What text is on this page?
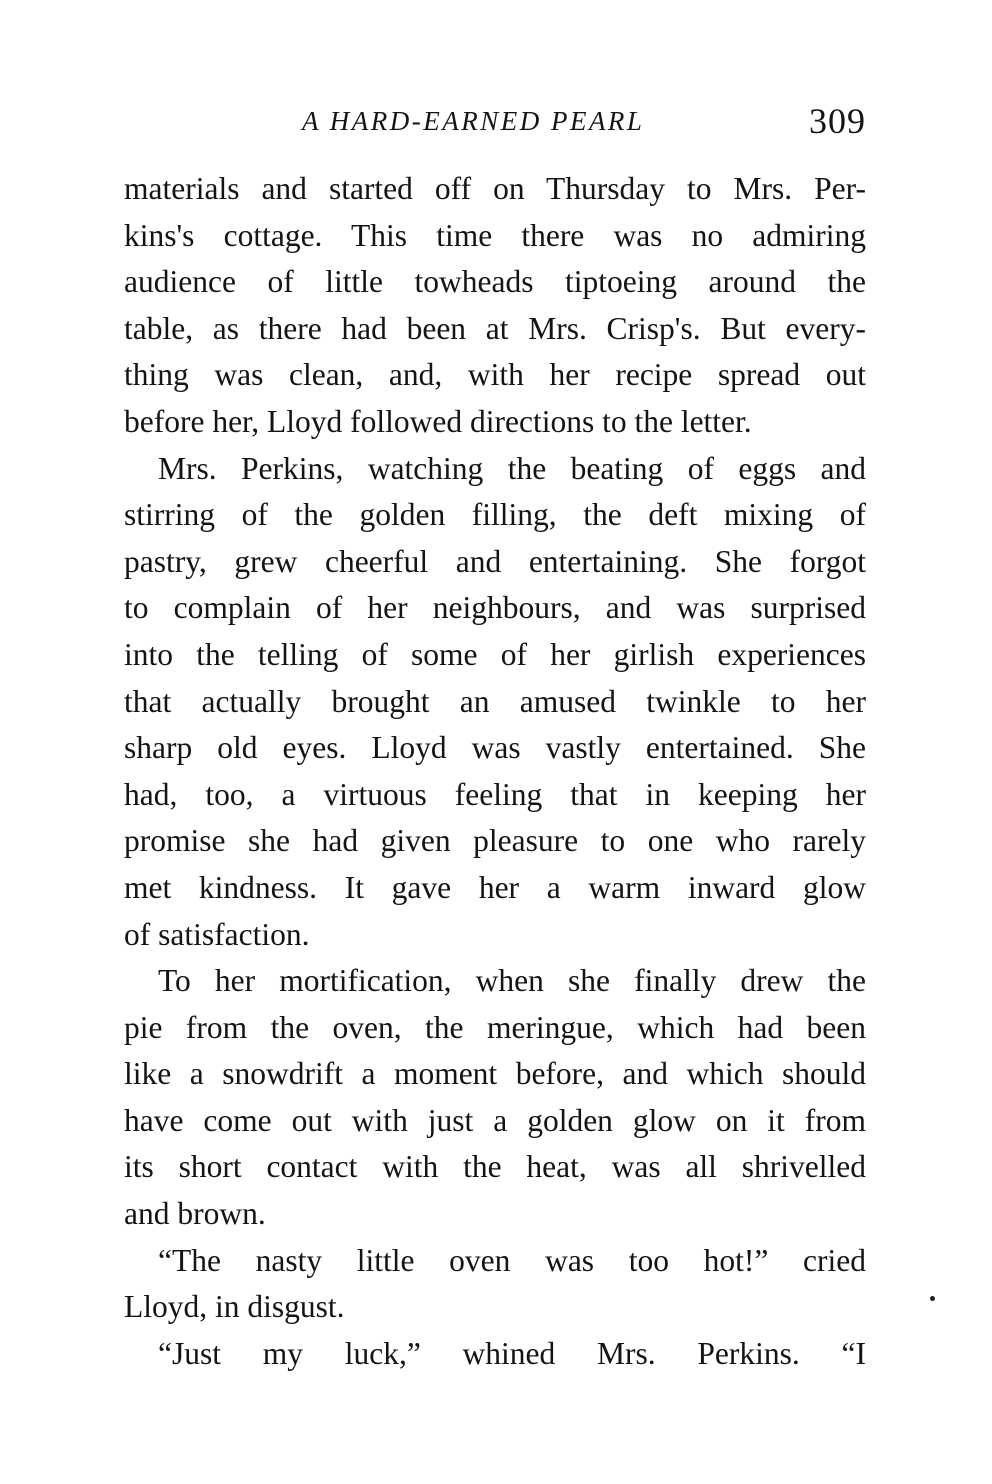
A HARD-EARNED PEARL	309
materials and started off on Thursday to Mrs. Per-
kins's cottage. This time there was no admiring
audience of little towheads tiptoeing around the
table, as there had been at Mrs. Crisp's. But every-
thing was clean, and, with her recipe spread out
before her, Lloyd followed directions to the letter.
Mrs. Perkins, watching the beating of eggs and
stirring of the golden filling, the deft mixing of
pastry, grew cheerful and entertaining. She forgot
to complain of her neighbours, and was surprised
into the telling of some of her girlish experiences
that actually brought an amused twinkle to her
sharp old eyes. Lloyd was vastly entertained. She
had, too, a virtuous feeling that in keeping her
promise she had given pleasure to one who rarely
met kindness. It gave her a warm inward glow
of satisfaction.
To her mortification, when she finally drew the
pie from the oven, the meringue, which had been
like a snowdrift a moment before, and which should
have come out with just a golden glow on it from
its short contact with the heat, was all shrivelled
and brown.
“The nasty little oven was too hot!” cried
Lloyd, in disgust.
“Just my luck,” whined Mrs. Perkins. “I
